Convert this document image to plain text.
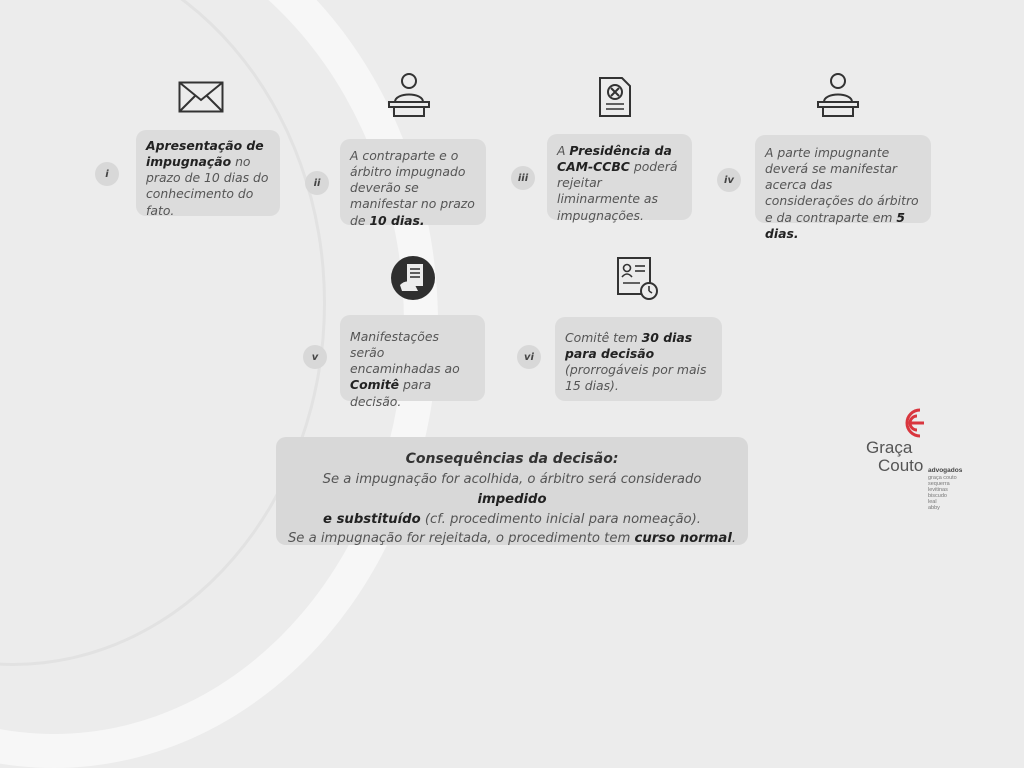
i
Apresentação de impugnação no prazo de 10 dias do conhecimento do fato.
ii
A contraparte e o árbitro impugnado deverão se manifestar no prazo de 10 dias.
iii
A Presidência da CAM-CCBC poderá rejeitar liminarmente as impugnações.
iv
A parte impugnante deverá se manifestar acerca das considerações do árbitro e da contraparte em 5 dias.
v
Manifestações serão encaminhadas ao Comitê para decisão.
vi
Comitê tem 30 dias para decisão (prorrogáveis por mais 15 dias).
Consequências da decisão:
Se a impugnação for acolhida, o árbitro será considerado impedido
e substituído (cf. procedimento inicial para nomeação).
Se a impugnação for rejeitada, o procedimento tem curso normal.
Graça
Couto advogados
graça couto
sequerra
levitinas
biscudo
leal
abby
